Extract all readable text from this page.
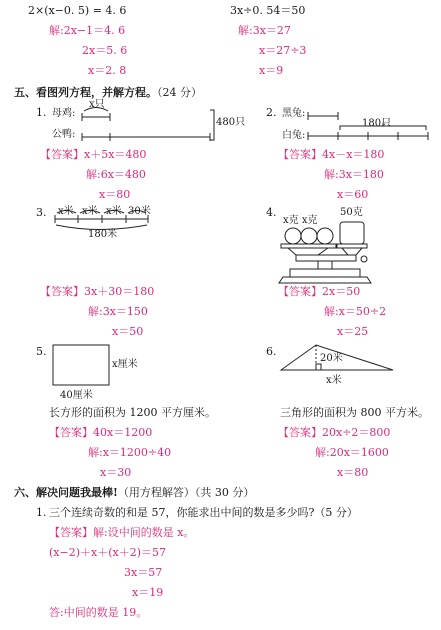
2×(x−0. 5) = 4. 6
解:2x−1＝4. 6
2x＝5. 6
x＝2. 8
3x÷0. 54＝50
解:3x＝27
x＝27÷3
x＝9
五、看图列方程，并解方程。（24 分）
1. 母鸡:
x只
公鸭:
480只
【答案】x＋5x＝480
解:6x＝480
x＝80
2. 黑兔:
180只
白兔:
【答案】4x－x＝180
解:3x＝180
x＝60
3. x米 x米 x米 30米
180米
【答案】3x＋30＝180
解:3x＝150
x＝50
4.
x克 x克
50克
【答案】2x＝50
解:x＝50÷2
x＝25
5.
x厘米
40厘米
长方形的面积为 1200 平方厘米。
【答案】40x＝1200
解:x＝1200÷40
x＝30
6.
20米
x米
三角形的面积为 800 平方米。
【答案】20x÷2＝800
解:20x＝1600
x＝80
六、解决问题我最棒!（用方程解答）（共 30 分）
1. 三个连续奇数的和是 57，你能求出中间的数是多少吗?（5 分）
【答案】解:设中间的数是 x。
(x−2)＋x＋(x＋2)＝57
3x＝57
x＝19
答:中间的数是 19。
